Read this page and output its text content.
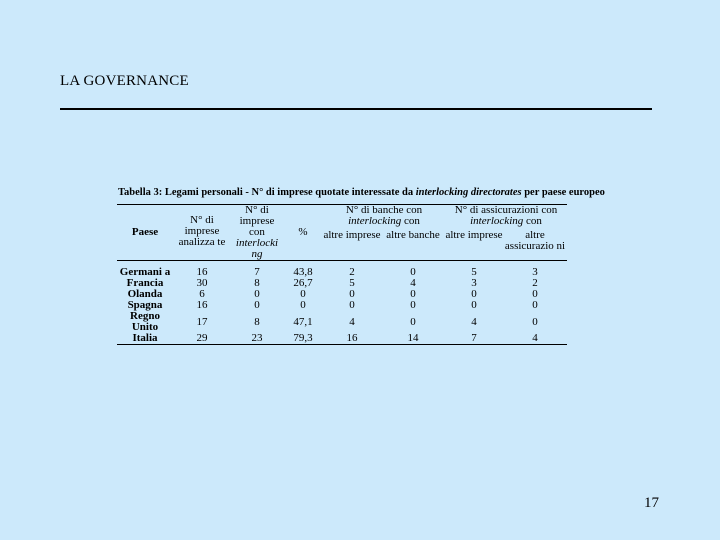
LA GOVERNANCE
Tabella 3: Legami personali - N° di imprese quotate interessate da interlocking directorates per paese europeo
Paese	N° di imprese analizza te	N° di imprese con interlocki ng	%	N° di banche con interlocking con		N° di assicurazioni con interlocking con	
				altre imprese	altre banche	altre imprese	altre assicurazio ni
Germani a	16	7	43,8	2	0	5	3
Francia	30	8	26,7	5	4	3	2
Olanda	6	0	0	0	0	0	0
Spagna	16	0	0	0	0	0	0
Regno Unito	17	8	47,1	4	0	4	0
Italia	29	23	79,3	16	14	7	4
17
